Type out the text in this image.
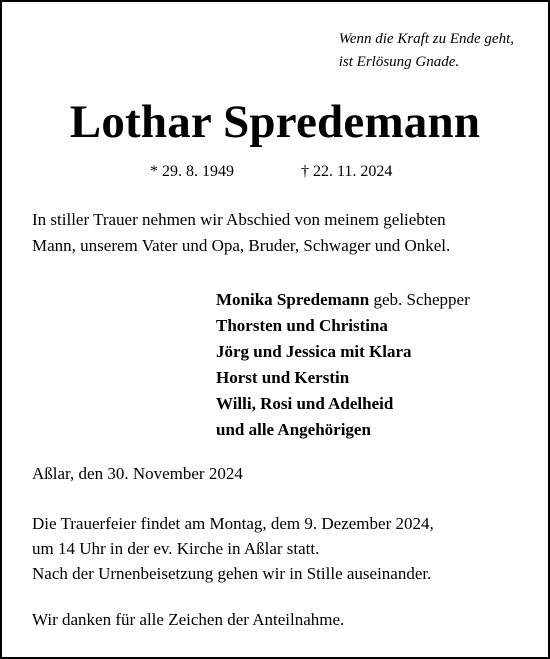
Wenn die Kraft zu Ende geht,
ist Erlösung Gnade.
Lothar Spredemann
* 29. 8. 1949	† 22. 11. 2024
In stiller Trauer nehmen wir Abschied von meinem geliebten
Mann, unserem Vater und Opa, Bruder, Schwager und Onkel.
Monika Spredemann geb. Schepper
Thorsten und Christina
Jörg und Jessica mit Klara
Horst und Kerstin
Willi, Rosi und Adelheid
und alle Angehörigen
Aßlar, den 30. November 2024
Die Trauerfeier findet am Montag, dem 9. Dezember 2024,
um 14 Uhr in der ev. Kirche in Aßlar statt.
Nach der Urnenbeisetzung gehen wir in Stille auseinander.
Wir danken für alle Zeichen der Anteilnahme.
